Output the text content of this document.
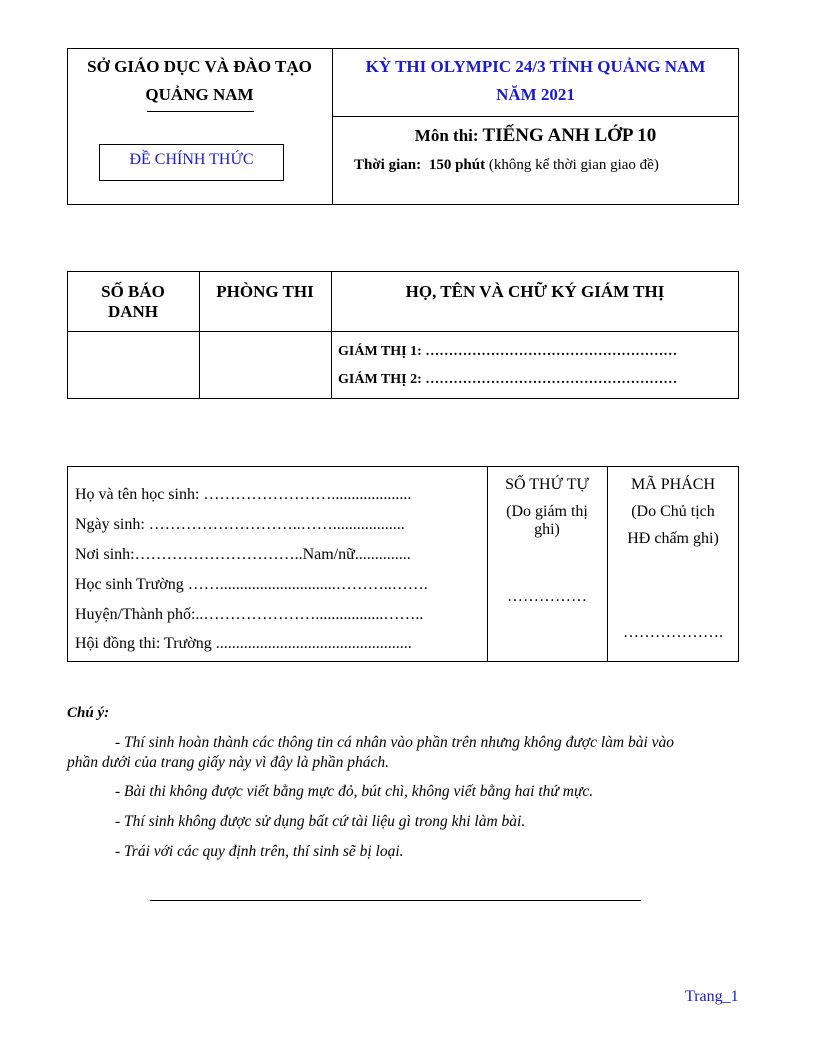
SỞ GIÁO DỤC VÀ ĐÀO TẠO
QUẢNG NAM
ĐỀ CHÍNH THỨC
KỲ THI OLYMPIC 24/3 TỈNH QUẢNG NAM
NĂM 2021
Môn thi: TIẾNG ANH LỚP 10
Thời gian: 150 phút (không kể thời gian giao đề)
SỐ BÁO
DANH
PHÒNG THI	HỌ, TÊN VÀ CHỮ KÝ GIÁM THỊ
GIÁM THỊ 1: ………………………………………………
GIÁM THỊ 2: ………………………………………………
Họ và tên học sinh: ……………………....................
Ngày sinh: ………………………..……..................
Nơi sinh:…………………………..Nam/nữ..............
Học sinh Trường …….............................………..…….
Huyện/Thành phố:..………………….................……..
Hội đồng thi: Trường .................................................
SỐ THỨ TỰ
(Do giám thị
ghi)
……………
MÃ PHÁCH
(Do Chủ tịch
HĐ chấm ghi)
……………….
Chú ý:
- Thí sinh hoàn thành các thông tin cá nhân vào phần trên nhưng không được làm bài vào
phần dưới của trang giấy này vì đây là phần phách.
- Bài thi không được viết bằng mực đỏ, bút chì, không viết bằng hai thứ mực.
- Thí sinh không được sử dụng bất cứ tài liệu gì trong khi làm bài.
- Trái với các quy định trên, thí sinh sẽ bị loại.
Trang_1
